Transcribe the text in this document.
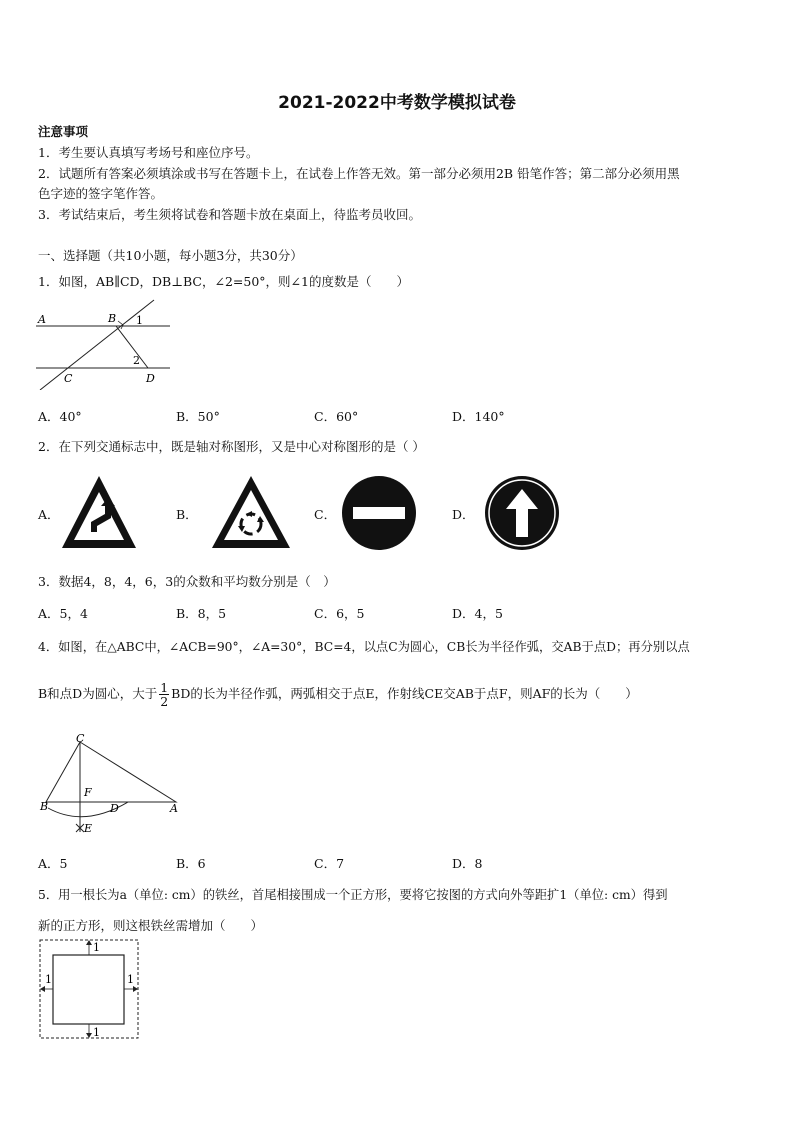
2021-2022中考数学模拟试卷
注意事项
1．考生要认真填写考场号和座位序号。
2．试题所有答案必须填涂或书写在答题卡上，在试卷上作答无效。第一部分必须用2B 铅笔作答；第二部分必须用黑
色字迹的签字笔作答。
3．考试结束后，考生须将试卷和答题卡放在桌面上，待监考员收回。
一、选择题（共10小题，每小题3分，共30分）
1．如图，AB∥CD，DB⊥BC，∠2=50°，则∠1的度数是（　　）
A	B
C	D
1
2
A．40°	B．50°	C．60°	D．140°
2．在下列交通标志中，既是轴对称图形，又是中心对称图形的是（ ）
A．	B．	C．	D．
3．数据4，8，4，6，3的众数和平均数分别是（　）
A．5，4	B．8，5	C．6，5	D．4，5
4．如图，在△ABC中，∠ACB=90°，∠A=30°，BC=4，以点C为圆心，CB长为半径作弧，交AB于点D；再分别以点
B和点D为圆心，大于 $\frac{1}{2}$ BD的长为半径作弧，两弧相交于点E，作射线CE交AB于点F，则AF的长为（　　）
C
F
B	D	A
E
A．5	B．6	C．7	D．8
5．用一根长为a（单位: cm）的铁丝，首尾相接围成一个正方形，要将它按图的方式向外等距扩1（单位: cm）得到
新的正方形，则这根铁丝需增加（　　）
1
1	1
1
